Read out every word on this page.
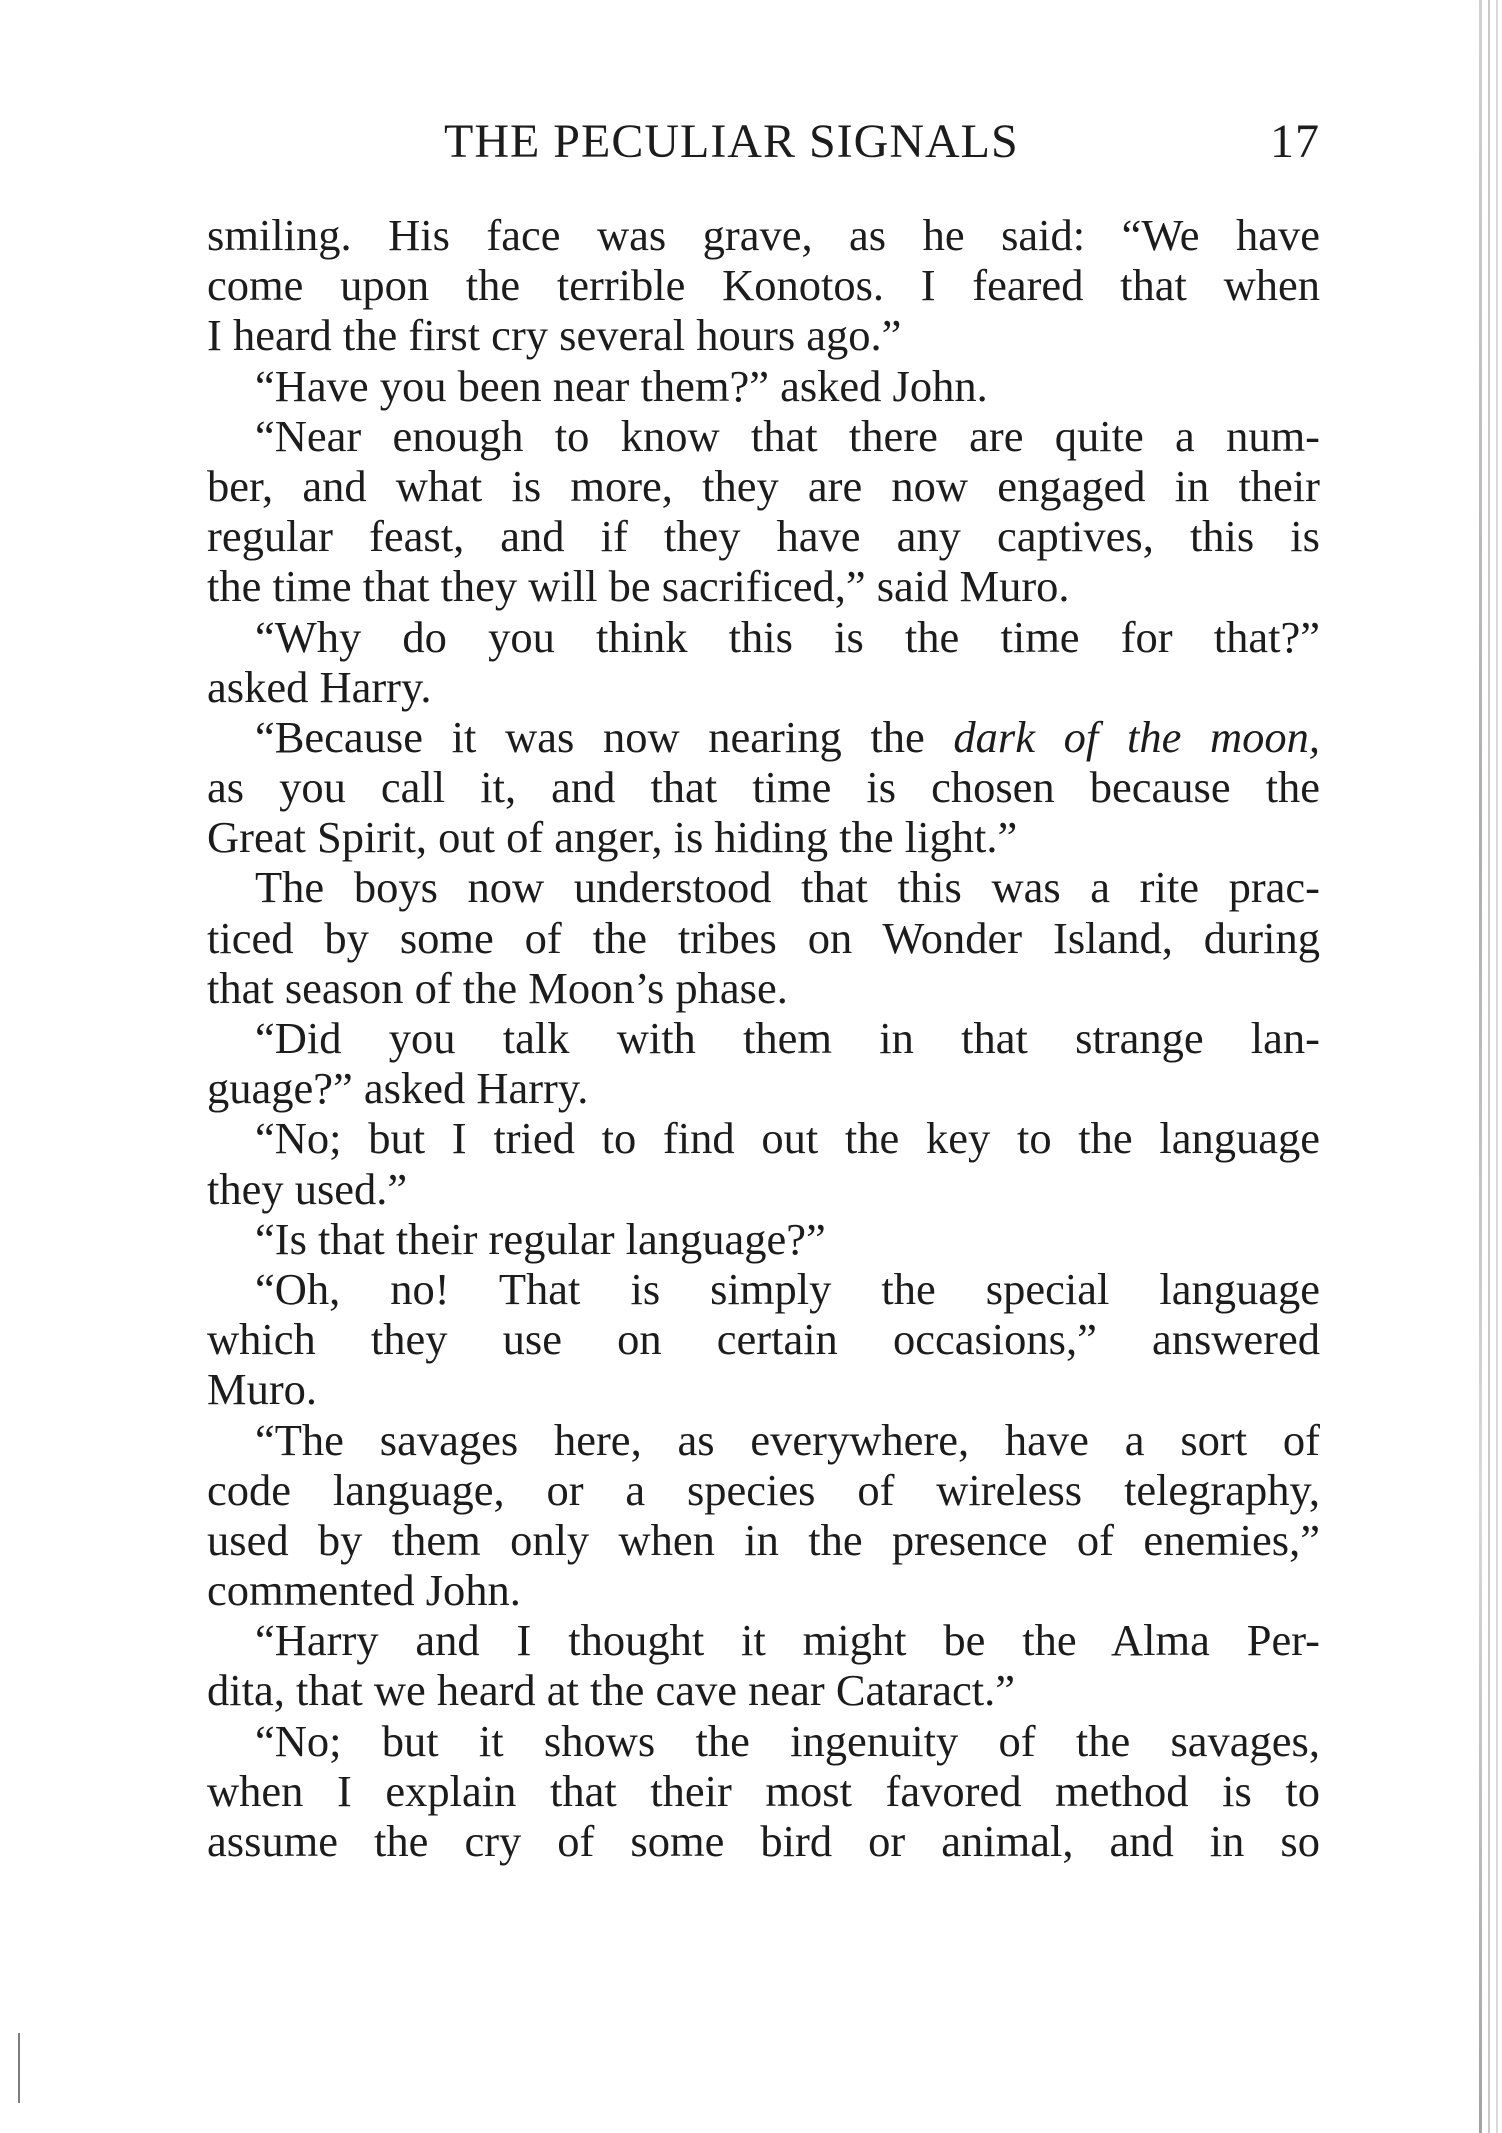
THE PECULIAR SIGNALS	17
smiling. His face was grave, as he said: “We have
come upon the terrible Konotos. I feared that when
I heard the first cry several hours ago.”
“Have you been near them?” asked John.
“Near enough to know that there are quite a num-
ber, and what is more, they are now engaged in their
regular feast, and if they have any captives, this is
the time that they will be sacrificed,” said Muro.
“Why do you think this is the time for that?”
asked Harry.
“Because it was now nearing the dark of the moon,
as you call it, and that time is chosen because the
Great Spirit, out of anger, is hiding the light.”
The boys now understood that this was a rite prac-
ticed by some of the tribes on Wonder Island, during
that season of the Moon’s phase.
“Did you talk with them in that strange lan-
guage?” asked Harry.
“No; but I tried to find out the key to the language
they used.”
“Is that their regular language?”
“Oh, no! That is simply the special language
which they use on certain occasions,” answered
Muro.
“The savages here, as everywhere, have a sort of
code language, or a species of wireless telegraphy,
used by them only when in the presence of enemies,”
commented John.
“Harry and I thought it might be the Alma Per-
dita, that we heard at the cave near Cataract.”
“No; but it shows the ingenuity of the savages,
when I explain that their most favored method is to
assume the cry of some bird or animal, and in so
